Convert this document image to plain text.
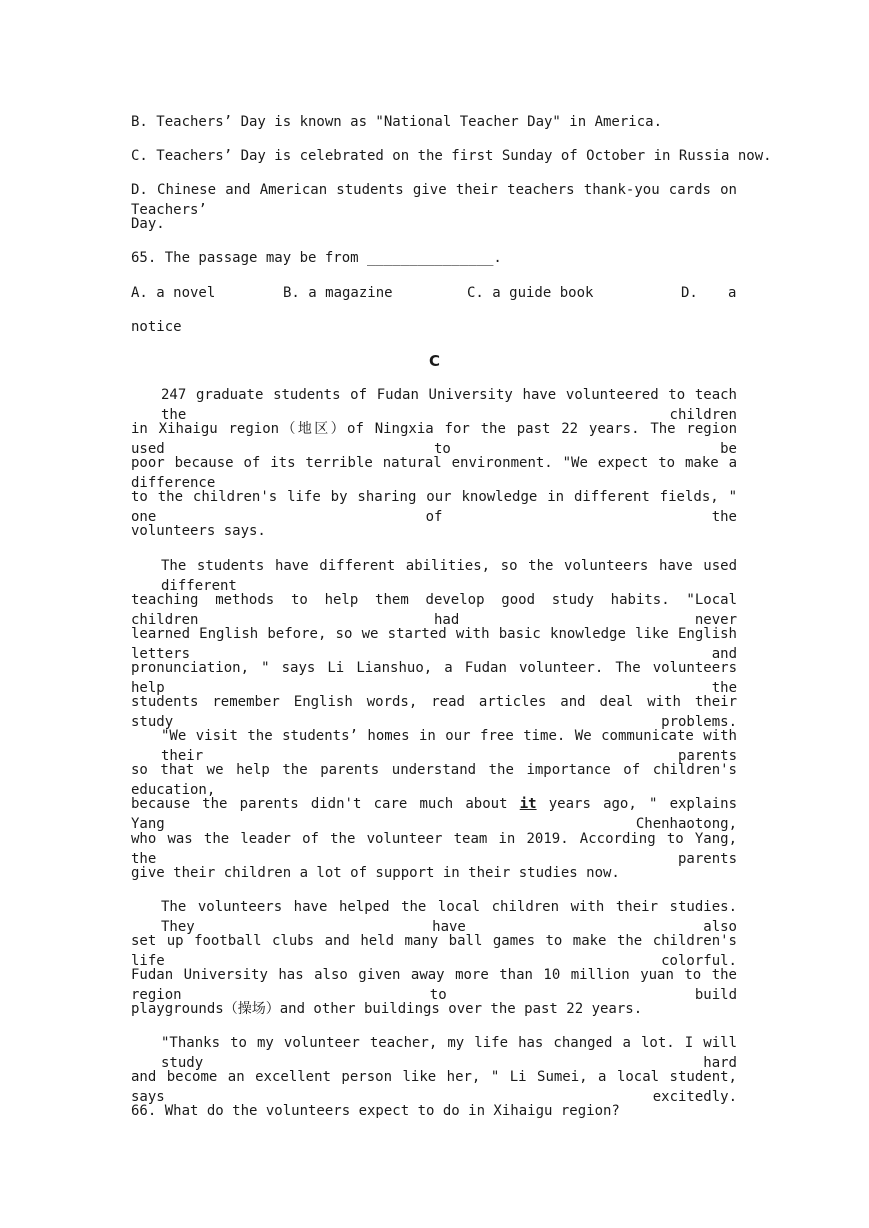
B. Teachers’ Day is known as "National Teacher Day" in America.
C. Teachers’ Day is celebrated on the first Sunday of October in Russia now.
D. Chinese and American students give their teachers thank-you cards on Teachers’
Day.
65. The passage may be from _______________.
A. a novel	B. a magazine	C. a guide book	D. a
notice
C
247 graduate students of Fudan University have volunteered to teach the children
in Xihaigu region（地区）of Ningxia for the past 22 years. The region used to be
poor because of its terrible natural environment. "We expect to make a difference
to the children's life by sharing our knowledge in different fields, " one of the
volunteers says.
The students have different abilities, so the volunteers have used different
teaching methods to help them develop good study habits. "Local children had never
learned English before, so we started with basic knowledge like English letters and
pronunciation, " says Li Lianshuo, a Fudan volunteer. The volunteers help the
students remember English words, read articles and deal with their study problems.
"We visit the students’ homes in our free time. We communicate with their parents
so that we help the parents understand the importance of children's education,
because the parents didn't care much about it years ago, " explains Yang Chenhaotong,
who was the leader of the volunteer team in 2019. According to Yang, the parents
give their children a lot of support in their studies now.
The volunteers have helped the local children with their studies. They have also
set up football clubs and held many ball games to make the children's life colorful.
Fudan University has also given away more than 10 million yuan to the region to build
playgrounds（操场）and other buildings over the past 22 years.
"Thanks to my volunteer teacher, my life has changed a lot. I will study hard
and become an excellent person like her, " Li Sumei, a local student, says excitedly.
66. What do the volunteers expect to do in Xihaigu region?
